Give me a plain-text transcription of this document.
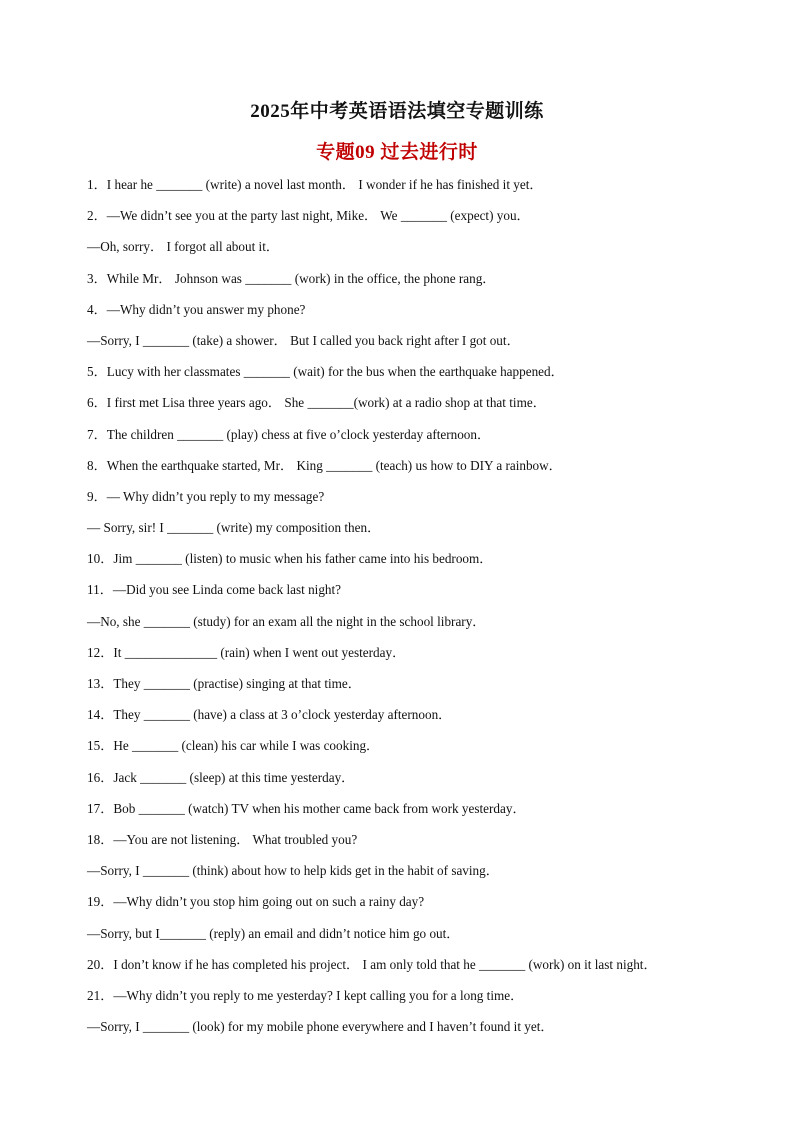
2025年中考英语语法填空专题训练
专题09 过去进行时
1．I hear he _______ (write) a novel last month． I wonder if he has finished it yet．
2．—We didn’t see you at the party last night, Mike． We _______ (expect) you．
—Oh, sorry． I forgot all about it．
3．While Mr． Johnson was _______ (work) in the office, the phone rang．
4．—Why didn’t you answer my phone?
—Sorry, I _______ (take) a shower． But I called you back right after I got out．
5．Lucy with her classmates _______ (wait) for the bus when the earthquake happened．
6．I first met Lisa three years ago． She _______(work) at a radio shop at that time．
7．The children _______ (play) chess at five o’clock yesterday afternoon．
8．When the earthquake started, Mr． King _______ (teach) us how to DIY a rainbow．
9．— Why didn’t you reply to my message?
— Sorry, sir! I _______ (write) my composition then．
10．Jim _______ (listen) to music when his father came into his bedroom．
11．—Did you see Linda come back last night?
—No, she _______ (study) for an exam all the night in the school library．
12．It ______________ (rain) when I went out yesterday．
13．They _______ (practise) singing at that time．
14．They _______ (have) a class at 3 o’clock yesterday afternoon．
15．He _______ (clean) his car while I was cooking．
16．Jack _______ (sleep) at this time yesterday．
17．Bob _______ (watch) TV when his mother came back from work yesterday．
18．—You are not listening． What troubled you?
—Sorry, I _______ (think) about how to help kids get in the habit of saving．
19．—Why didn’t you stop him going out on such a rainy day?
—Sorry, but I_______ (reply) an email and didn’t notice him go out．
20．I don’t know if he has completed his project． I am only told that he _______ (work) on it last night．
21．—Why didn’t you reply to me yesterday? I kept calling you for a long time．
—Sorry, I _______ (look) for my mobile phone everywhere and I haven’t found it yet．
